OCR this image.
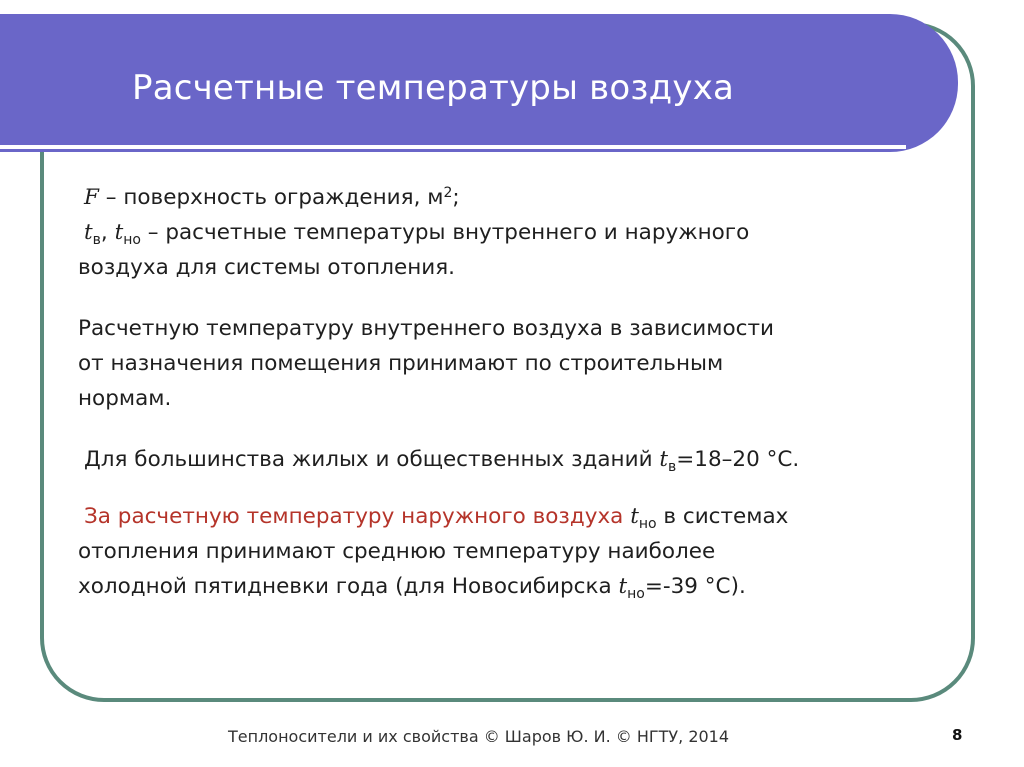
Расчетные температуры воздуха

F – поверхность ограждения, $м^2$;

$t_в$, $t_{но}$ – расчетные температуры внутреннего и наружного

воздуха для системы отопления.

Расчетную температуру внутреннего воздуха в зависимости

от назначения помещения принимают по строительным

нормам.

Для большинства жилых и общественных зданий $t_в=18-20$ °С.

За расчетную температуру наружного воздуха $t_{но}$ в системах

отопления принимают среднюю температуру наиболее

холодной пятидневки года (для Новосибирска $t_{но}=-39$ °С).

Теплоносители и их свойства © Шаров Ю. И. © НГТУ, 2014	8
